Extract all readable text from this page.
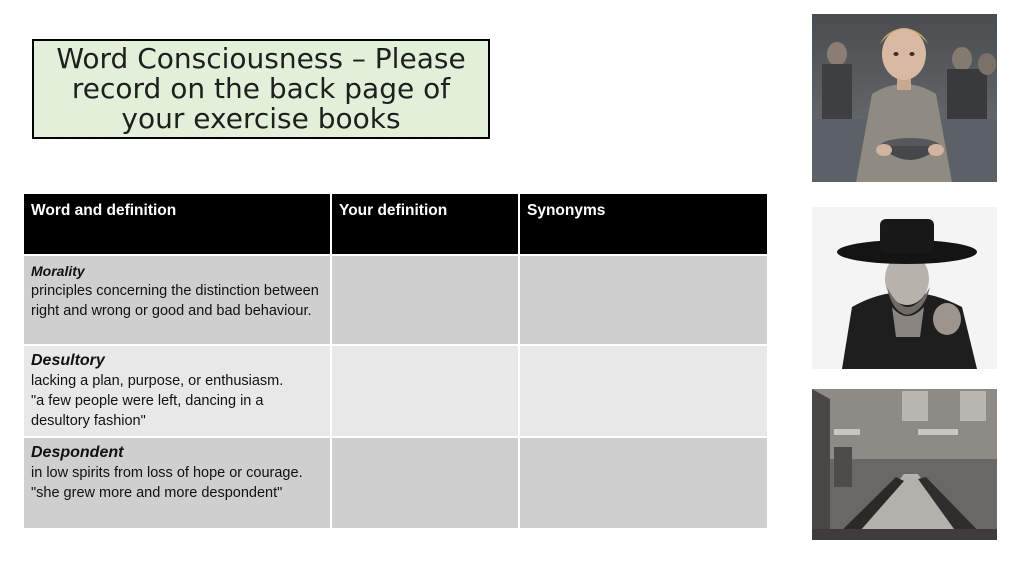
Word Consciousness – Please record on the back page of your exercise books
Word and definition	Your definition	Synonyms

Morality
principles concerning the distinction between right and wrong or good and bad behaviour.		

Desultory
lacking a plan, purpose, or enthusiasm.
"a few people were left, dancing in a desultory fashion"		

Despondent
in low spirits from loss of hope or courage.
"she grew more and more despondent"		
